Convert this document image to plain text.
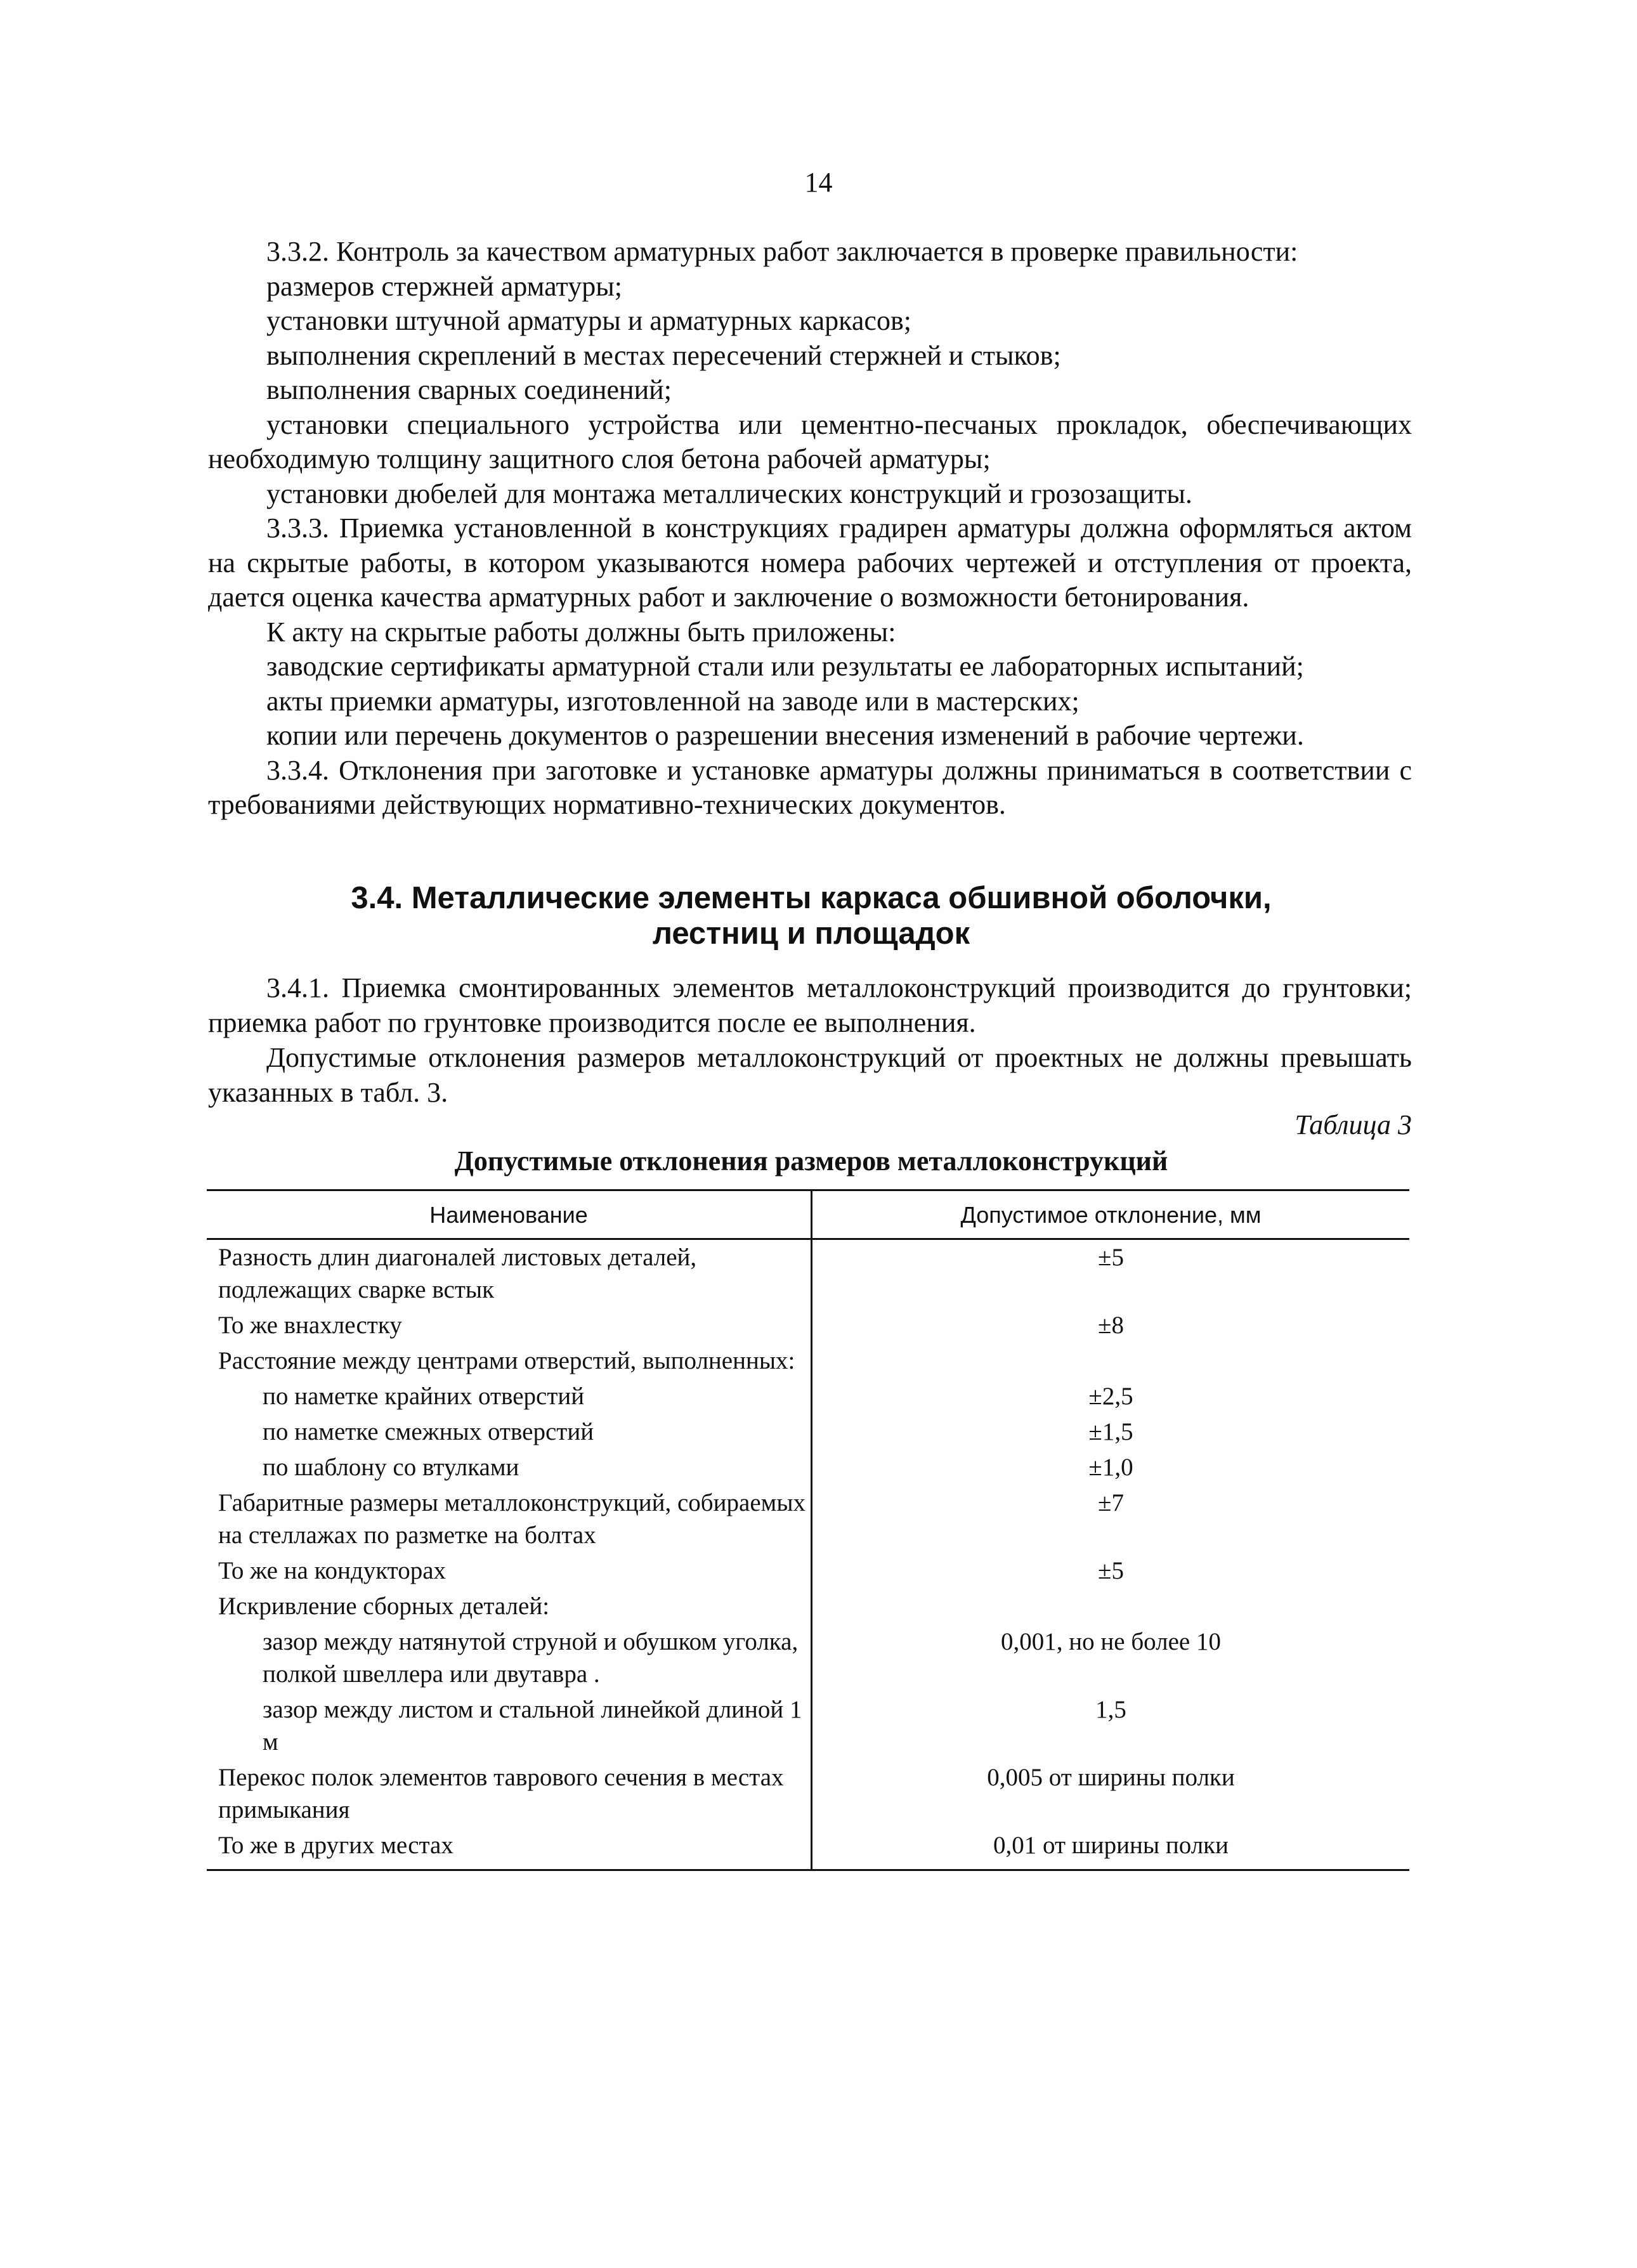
14

3.3.2. Контроль за качеством арматурных работ заключается в проверке правильности:

размеров стержней арматуры;

установки штучной арматуры и арматурных каркасов;

выполнения скреплений в местах пересечений стержней и стыков;

выполнения сварных соединений;

установки специального устройства или цементно-песчаных прокладок, обеспечивающих необходимую толщину защитного слоя бетона рабочей арматуры;

установки дюбелей для монтажа металлических конструкций и грозозащиты.

3.3.3. Приемка установленной в конструкциях градирен арматуры должна оформляться актом на скрытые работы, в котором указываются номера рабочих чертежей и отступления от проекта, дается оценка качества арматурных работ и заключение о возможности бетонирования.

К акту на скрытые работы должны быть приложены:

заводские сертификаты арматурной стали или результаты ее лабораторных испытаний;

акты приемки арматуры, изготовленной на заводе или в мастерских;

копии или перечень документов о разрешении внесения изменений в рабочие чертежи.

3.3.4. Отклонения при заготовке и установке арматуры должны приниматься в соответствии с требованиями действующих нормативно-технических документов.

3.4. Металлические элементы каркаса обшивной оболочки,
лестниц и площадок

3.4.1. Приемка смонтированных элементов металлоконструкций производится до грунтовки; приемка работ по грунтовке производится после ее выполнения.

Допустимые отклонения размеров металлоконструкций от проектных не должны превышать указанных в табл. 3.

Таблица 3
Допустимые отклонения размеров металлоконструкций
Наименование	Допустимое отклонение, мм
Разность длин диагоналей листовых деталей, подлежащих сварке встык	±5
То же внахлестку	±8
Расстояние между центрами отверстий, выполненных:	
по наметке крайних отверстий	±2,5
по наметке смежных отверстий	±1,5
по шаблону со втулками	±1,0
Габаритные размеры металлоконструкций, собираемых на стеллажах по разметке на болтах	±7
То же на кондукторах	±5
Искривление сборных деталей:	
зазор между натянутой струной и обушком уголка, полкой швеллера или двутавра .	0,001, но не более 10
зазор между листом и стальной линейкой длиной 1 м	1,5
Перекос полок элементов таврового сечения в местах примыкания	0,005 от ширины полки
То же в других местах	0,01 от ширины полки
